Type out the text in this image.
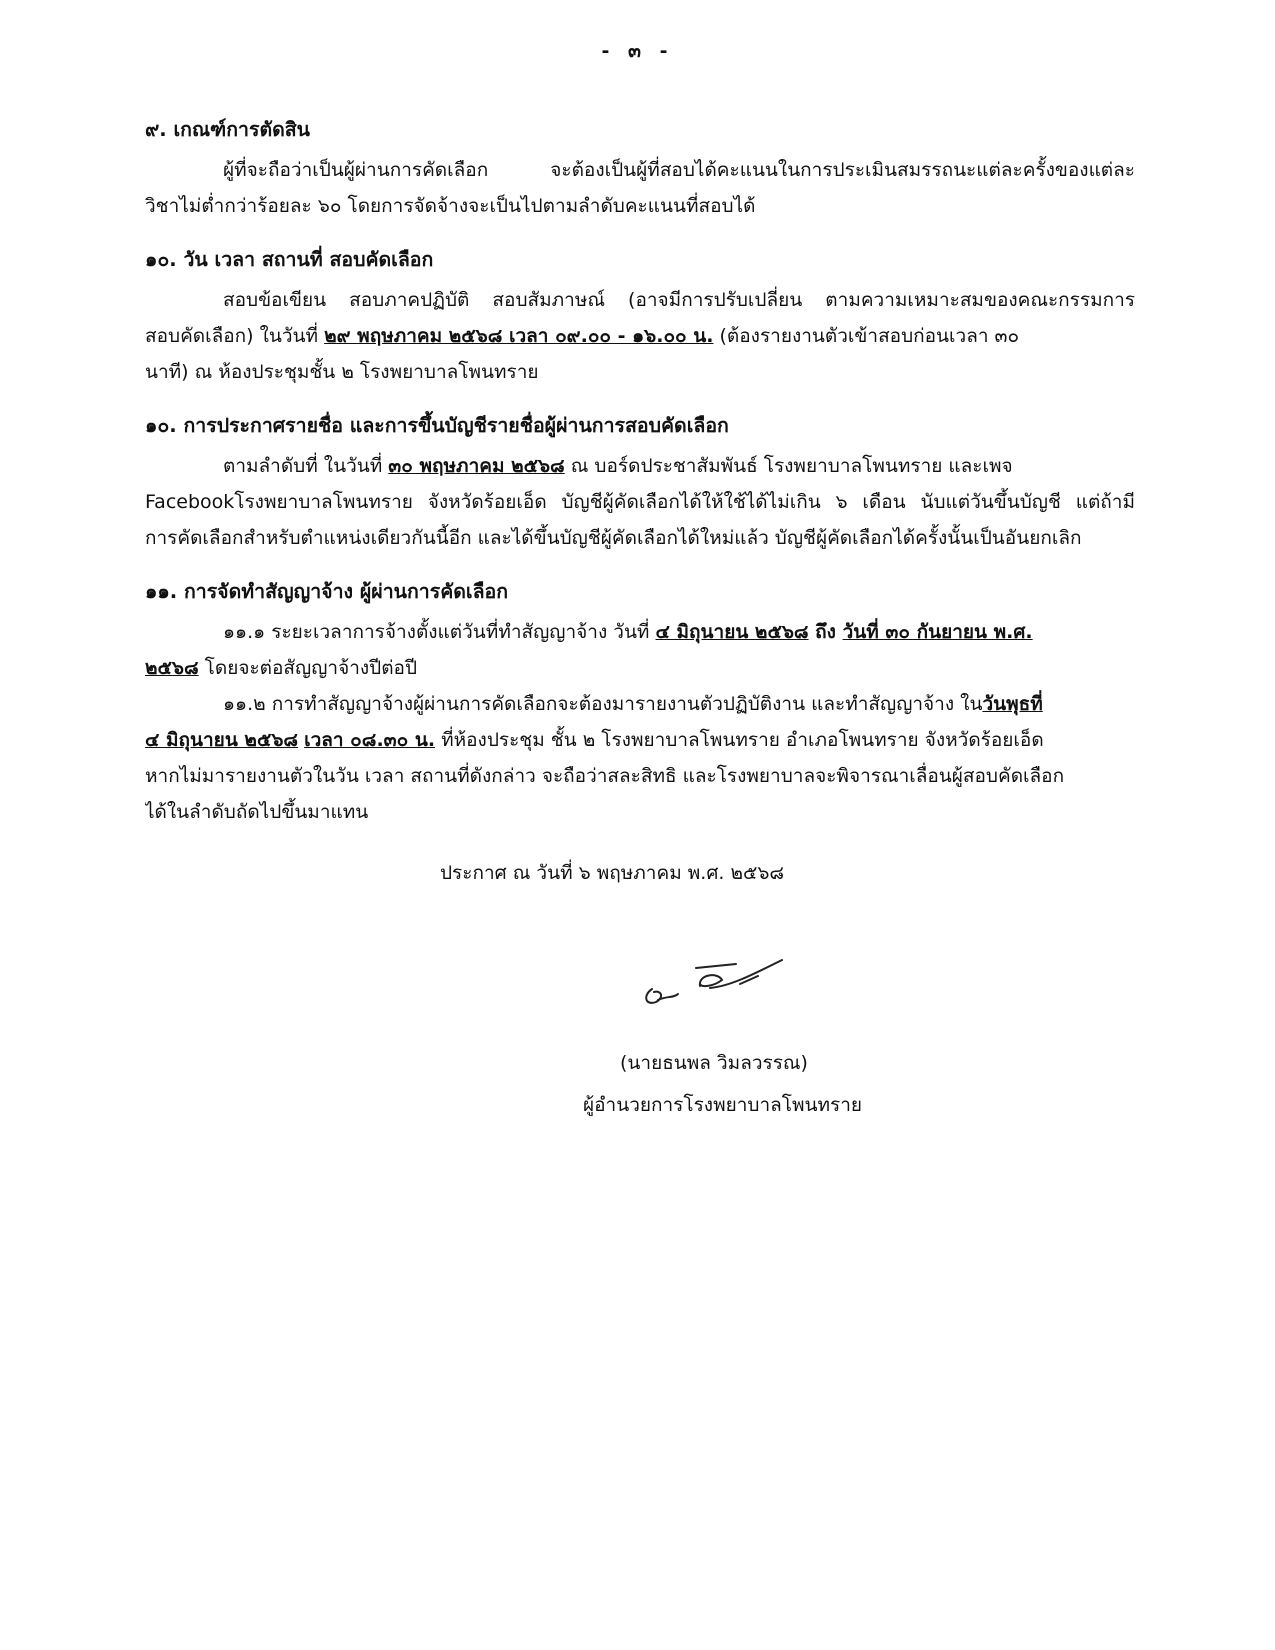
- ๓ -
๙. เกณฑ์การตัดสิน
ผู้ที่จะถือว่าเป็นผู้ผ่านการคัดเลือก จะต้องเป็นผู้ที่สอบได้คะแนนในการประเมินสมรรถนะแต่ละครั้งของแต่ละ
วิชาไม่ต่ำกว่าร้อยละ ๖๐ โดยการจัดจ้างจะเป็นไปตามลำดับคะแนนที่สอบได้
๑๐. วัน เวลา สถานที่ สอบคัดเลือก
สอบข้อเขียน สอบภาคปฏิบัติ สอบสัมภาษณ์ (อาจมีการปรับเปลี่ยน ตามความเหมาะสมของคณะกรรมการ
สอบคัดเลือก) ในวันที่ ๒๙ พฤษภาคม ๒๕๖๘ เวลา ๐๙.๐๐ - ๑๖.๐๐ น. (ต้องรายงานตัวเข้าสอบก่อนเวลา ๓๐
นาที) ณ ห้องประชุมชั้น ๒ โรงพยาบาลโพนทราย
๑๐. การประกาศรายชื่อ และการขึ้นบัญชีรายชื่อผู้ผ่านการสอบคัดเลือก
ตามลำดับที่ ในวันที่ ๓๐ พฤษภาคม ๒๕๖๘ ณ บอร์ดประชาสัมพันธ์ โรงพยาบาลโพนทราย และเพจ
Facebookโรงพยาบาลโพนทราย จังหวัดร้อยเอ็ด บัญชีผู้คัดเลือกได้ให้ใช้ได้ไม่เกิน ๖ เดือน นับแต่วันขึ้นบัญชี แต่ถ้ามี
การคัดเลือกสำหรับตำแหน่งเดียวกันนี้อีก และได้ขึ้นบัญชีผู้คัดเลือกได้ใหม่แล้ว บัญชีผู้คัดเลือกได้ครั้งนั้นเป็นอันยกเลิก
๑๑. การจัดทำสัญญาจ้าง ผู้ผ่านการคัดเลือก
๑๑.๑ ระยะเวลาการจ้างตั้งแต่วันที่ทำสัญญาจ้าง วันที่ ๔ มิถุนายน ๒๕๖๘ ถึง วันที่ ๓๐ กันยายน พ.ศ.
๒๕๖๘ โดยจะต่อสัญญาจ้างปีต่อปี
๑๑.๒ การทำสัญญาจ้างผู้ผ่านการคัดเลือกจะต้องมารายงานตัวปฏิบัติงาน และทำสัญญาจ้าง ในวันพุธที่
๔ มิถุนายน ๒๕๖๘ เวลา ๐๘.๓๐ น. ที่ห้องประชุม ชั้น ๒ โรงพยาบาลโพนทราย อำเภอโพนทราย จังหวัดร้อยเอ็ด
หากไม่มารายงานตัวในวัน เวลา สถานที่ดังกล่าว จะถือว่าสละสิทธิ และโรงพยาบาลจะพิจารณาเลื่อนผู้สอบคัดเลือก
ได้ในลำดับถัดไปขึ้นมาแทน
ประกาศ ณ วันที่ ๖ พฤษภาคม พ.ศ. ๒๕๖๘
(นายธนพล วิมลวรรณ)
ผู้อำนวยการโรงพยาบาลโพนทราย
